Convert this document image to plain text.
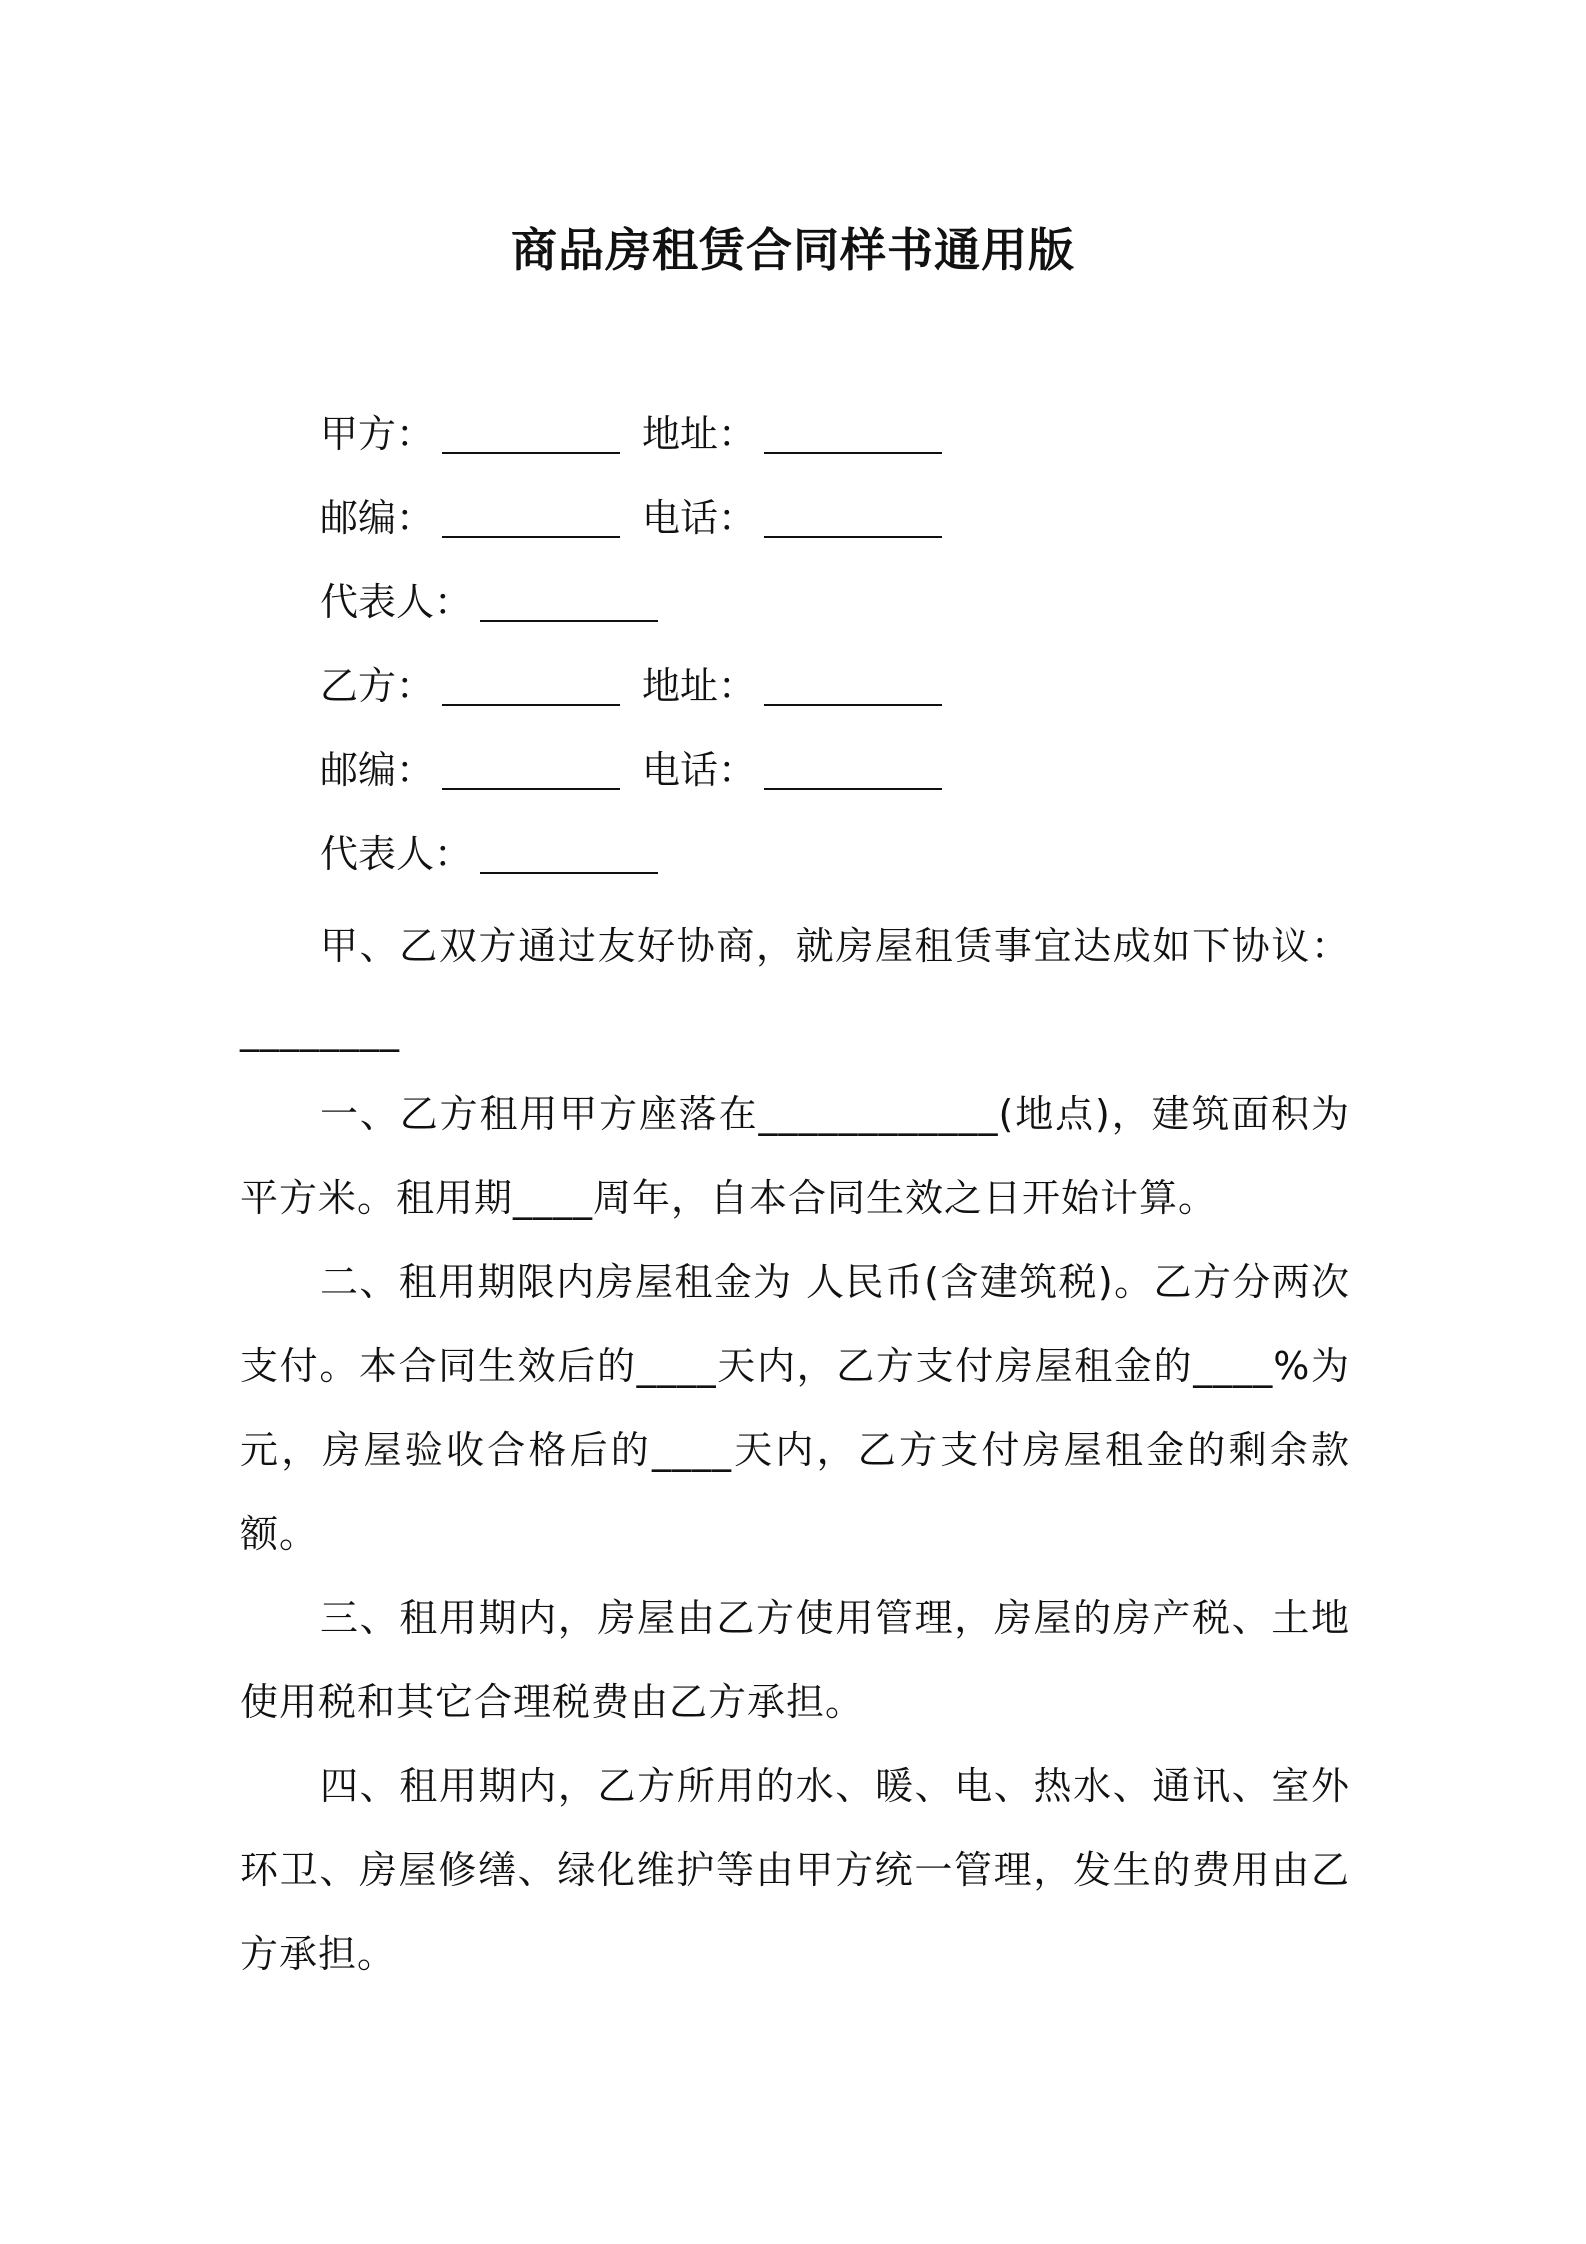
商品房租赁合同样书通用版
甲方：	地址：
邮编：	电话：
代表人：
乙方：	地址：
邮编：	电话：
代表人：
甲、乙双方通过友好协商，就房屋租赁事宜达成如下协议：________
一、乙方租用甲方座落在____________(地点)，建筑面积为 平方米。租用期____周年，自本合同生效之日开始计算。
二、租用期限内房屋租金为 人民币(含建筑税)。乙方分两次支付。本合同生效后的____天内，乙方支付房屋租金的____%为 元，房屋验收合格后的____天内，乙方支付房屋租金的剩余款额。
三、租用期内，房屋由乙方使用管理，房屋的房产税、土地使用税和其它合理税费由乙方承担。
四、租用期内，乙方所用的水、暖、电、热水、通讯、室外环卫、房屋修缮、绿化维护等由甲方统一管理，发生的费用由乙方承担。
